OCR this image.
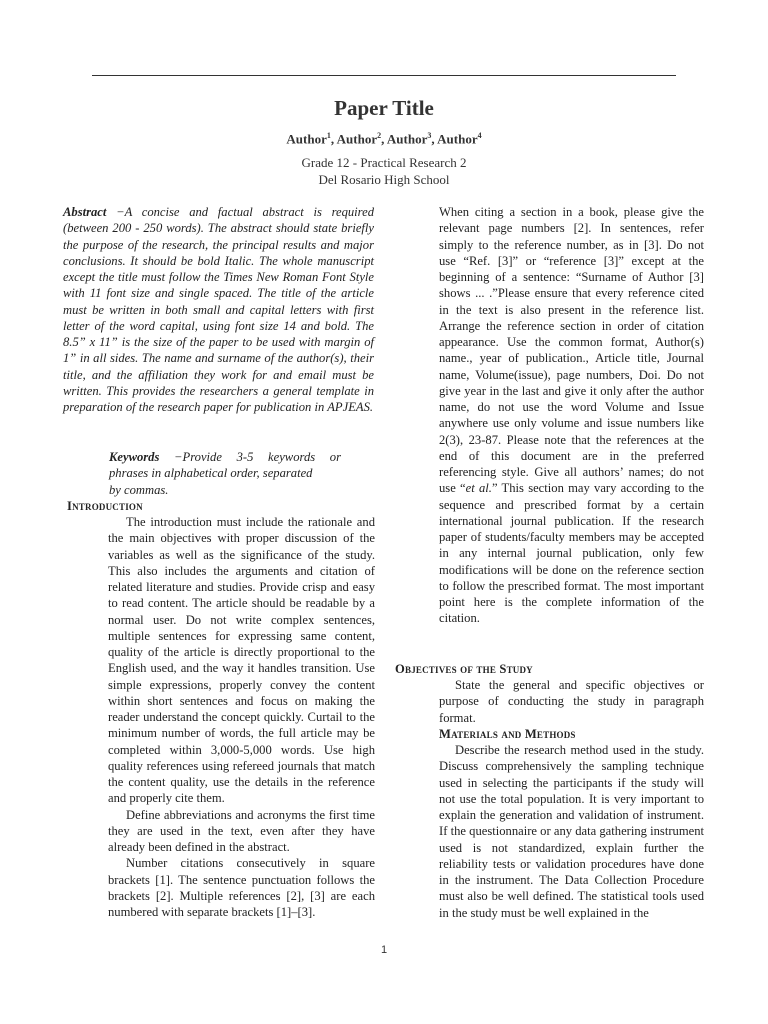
Paper Title
Author$^1$, Author$^2$, Author$^3$, Author$^4$
Grade 12 - Practical Research 2
Del Rosario High School
Abstract −A concise and factual abstract is required (between 200 - 250 words). The abstract should state briefly the purpose of the research, the principal results and major conclusions. It should be bold Italic. The whole manuscript except the title must follow the Times New Roman Font Style with 11 font size and single spaced. The title of the article must be written in both small and capital letters with first letter of the word capital, using font size 14 and bold. The 8.5” x 11” is the size of the paper to be used with margin of 1” in all sides. The name and surname of the author(s), their title, and the affiliation they work for and email must be written. This provides the researchers a general template in preparation of the research paper for publication in APJEAS.
Keywords −Provide 3-5 keywords or
phrases in alphabetical order, separated
by commas.
Introduction

The introduction must include the rationale and the main objectives with proper discussion of the variables as well as the significance of the study. This also includes the arguments and citation of related literature and studies. Provide crisp and easy to read content. The article should be readable by a normal user. Do not write complex sentences, multiple sentences for expressing same content, quality of the article is directly proportional to the English used, and the way it handles transition. Use simple expressions, properly convey the content within short sentences and focus on making the reader understand the concept quickly. Curtail to the minimum number of words, the full article may be completed within 3,000-5,000 words. Use high quality references using refereed journals that match the content quality, use the details in the reference and properly cite them.

Define abbreviations and acronyms the first time they are used in the text, even after they have already been defined in the abstract.

Number citations consecutively in square brackets [1]. The sentence punctuation follows the brackets [2]. Multiple references [2], [3] are each numbered with separate brackets [1]–[3].

When citing a section in a book, please give the relevant page numbers [2]. In sentences, refer simply to the reference number, as in [3]. Do not use “Ref. [3]” or “reference [3]” except at the beginning of a sentence: “Surname of Author [3] shows ... .”Please ensure that every reference cited in the text is also present in the reference list. Arrange the reference section in order of citation appearance. Use the common format, Author(s) name., year of publication., Article title, Journal name, Volume(issue), page numbers, Doi. Do not give year in the last and give it only after the author name, do not use the word Volume and Issue anywhere use only volume and issue numbers like 2(3), 23-87. Please note that the references at the end of this document are in the preferred referencing style. Give all authors’ names; do not use “et al.” This section may vary according to the sequence and prescribed format by a certain international journal publication. If the research paper of students/faculty members may be accepted in any internal journal publication, only few modifications will be done on the reference section to follow the prescribed format. The most important point here is the complete information of the citation.

Objectives of the Study

State the general and specific objectives or purpose of conducting the study in paragraph format.

Materials and Methods

Describe the research method used in the study. Discuss comprehensively the sampling technique used in selecting the participants if the study will not use the total population. It is very important to explain the generation and validation of instrument. If the questionnaire or any data gathering instrument used is not standardized, explain further the reliability tests or validation procedures have done in the instrument. The Data Collection Procedure must also be well defined. The statistical tools used in the study must be well explained in the

1
